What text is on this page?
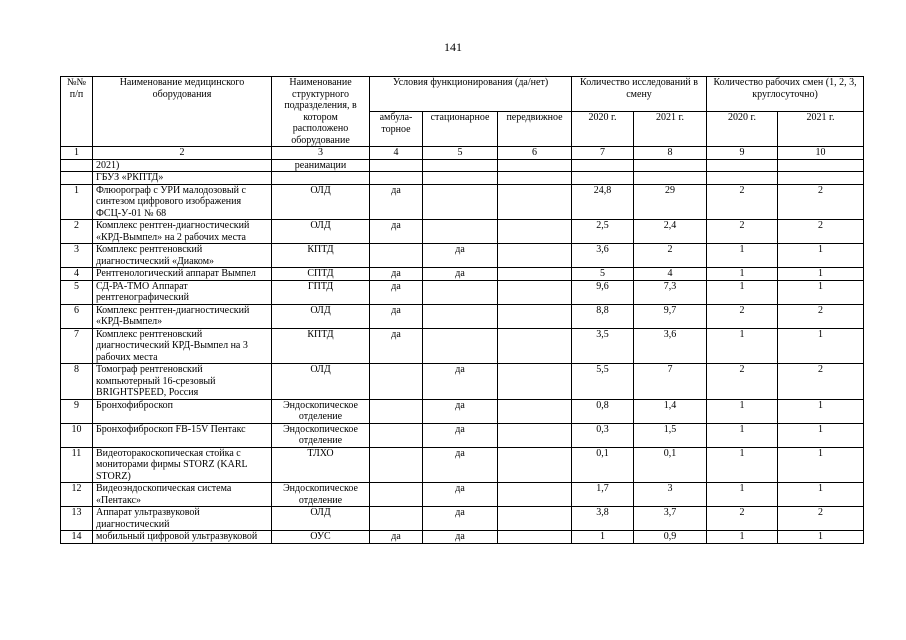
141
№№ п/п	Наименование медицинского оборудования	Наименование структурного подразделения, в котором расположено оборудование	Условия функционирования (да/нет)			Количество исследований в смену		Количество рабочих смен (1, 2, 3, круглосуточно)	
			амбула-торное	стационарное	передвижное	2020 г.	2021 г.	2020 г.	2021 г.
1	2	3	4	5	6	7	8	9	10
	2021)	реанимации							
	ГБУЗ «РКПТД»								
1	Флюорограф с УРИ малодозовый с синтезом цифрового изображения ФСЦ-У-01 № 68	ОЛД	да			24,8	29	2	2
2	Комплекс рентген-диагностический «КРД-Вымпел» на 2 рабочих места	ОЛД	да			2,5	2,4	2	2
3	Комплекс рентгеновский диагностический «Диаком»	КПТД		да		3,6	2	1	1
4	Рентгенологический аппарат Вымпел	СПТД	да	да		5	4	1	1
5	СД-РА-ТМО Аппарат рентгенографический	ГПТД	да			9,6	7,3	1	1
6	Комплекс рентген-диагностический «КРД-Вымпел»	ОЛД	да			8,8	9,7	2	2
7	Комплекс рентгеновский диагностический КРД-Вымпел на 3 рабочих места	КПТД	да			3,5	3,6	1	1
8	Томограф рентгеновский компьютерный 16-срезовый BRIGHTSPEED, Россия	ОЛД		да		5,5	7	2	2
9	Бронхофиброскоп	Эндоскопическое отделение		да		0,8	1,4	1	1
10	Бронхофиброскоп FB-15V Пентакс	Эндоскопическое отделение		да		0,3	1,5	1	1
11	Видеоторакоскопическая стойка с мониторами фирмы STORZ (KARL STORZ)	ТЛХО		да		0,1	0,1	1	1
12	Видеоэндоскопическая система «Пентакс»	Эндоскопическое отделение		да		1,7	3	1	1
13	Аппарат ультразвуковой диагностический	ОЛД		да		3,8	3,7	2	2
14	мобильный цифровой ультразвуковой	ОУС	да	да		1	0,9	1	1
